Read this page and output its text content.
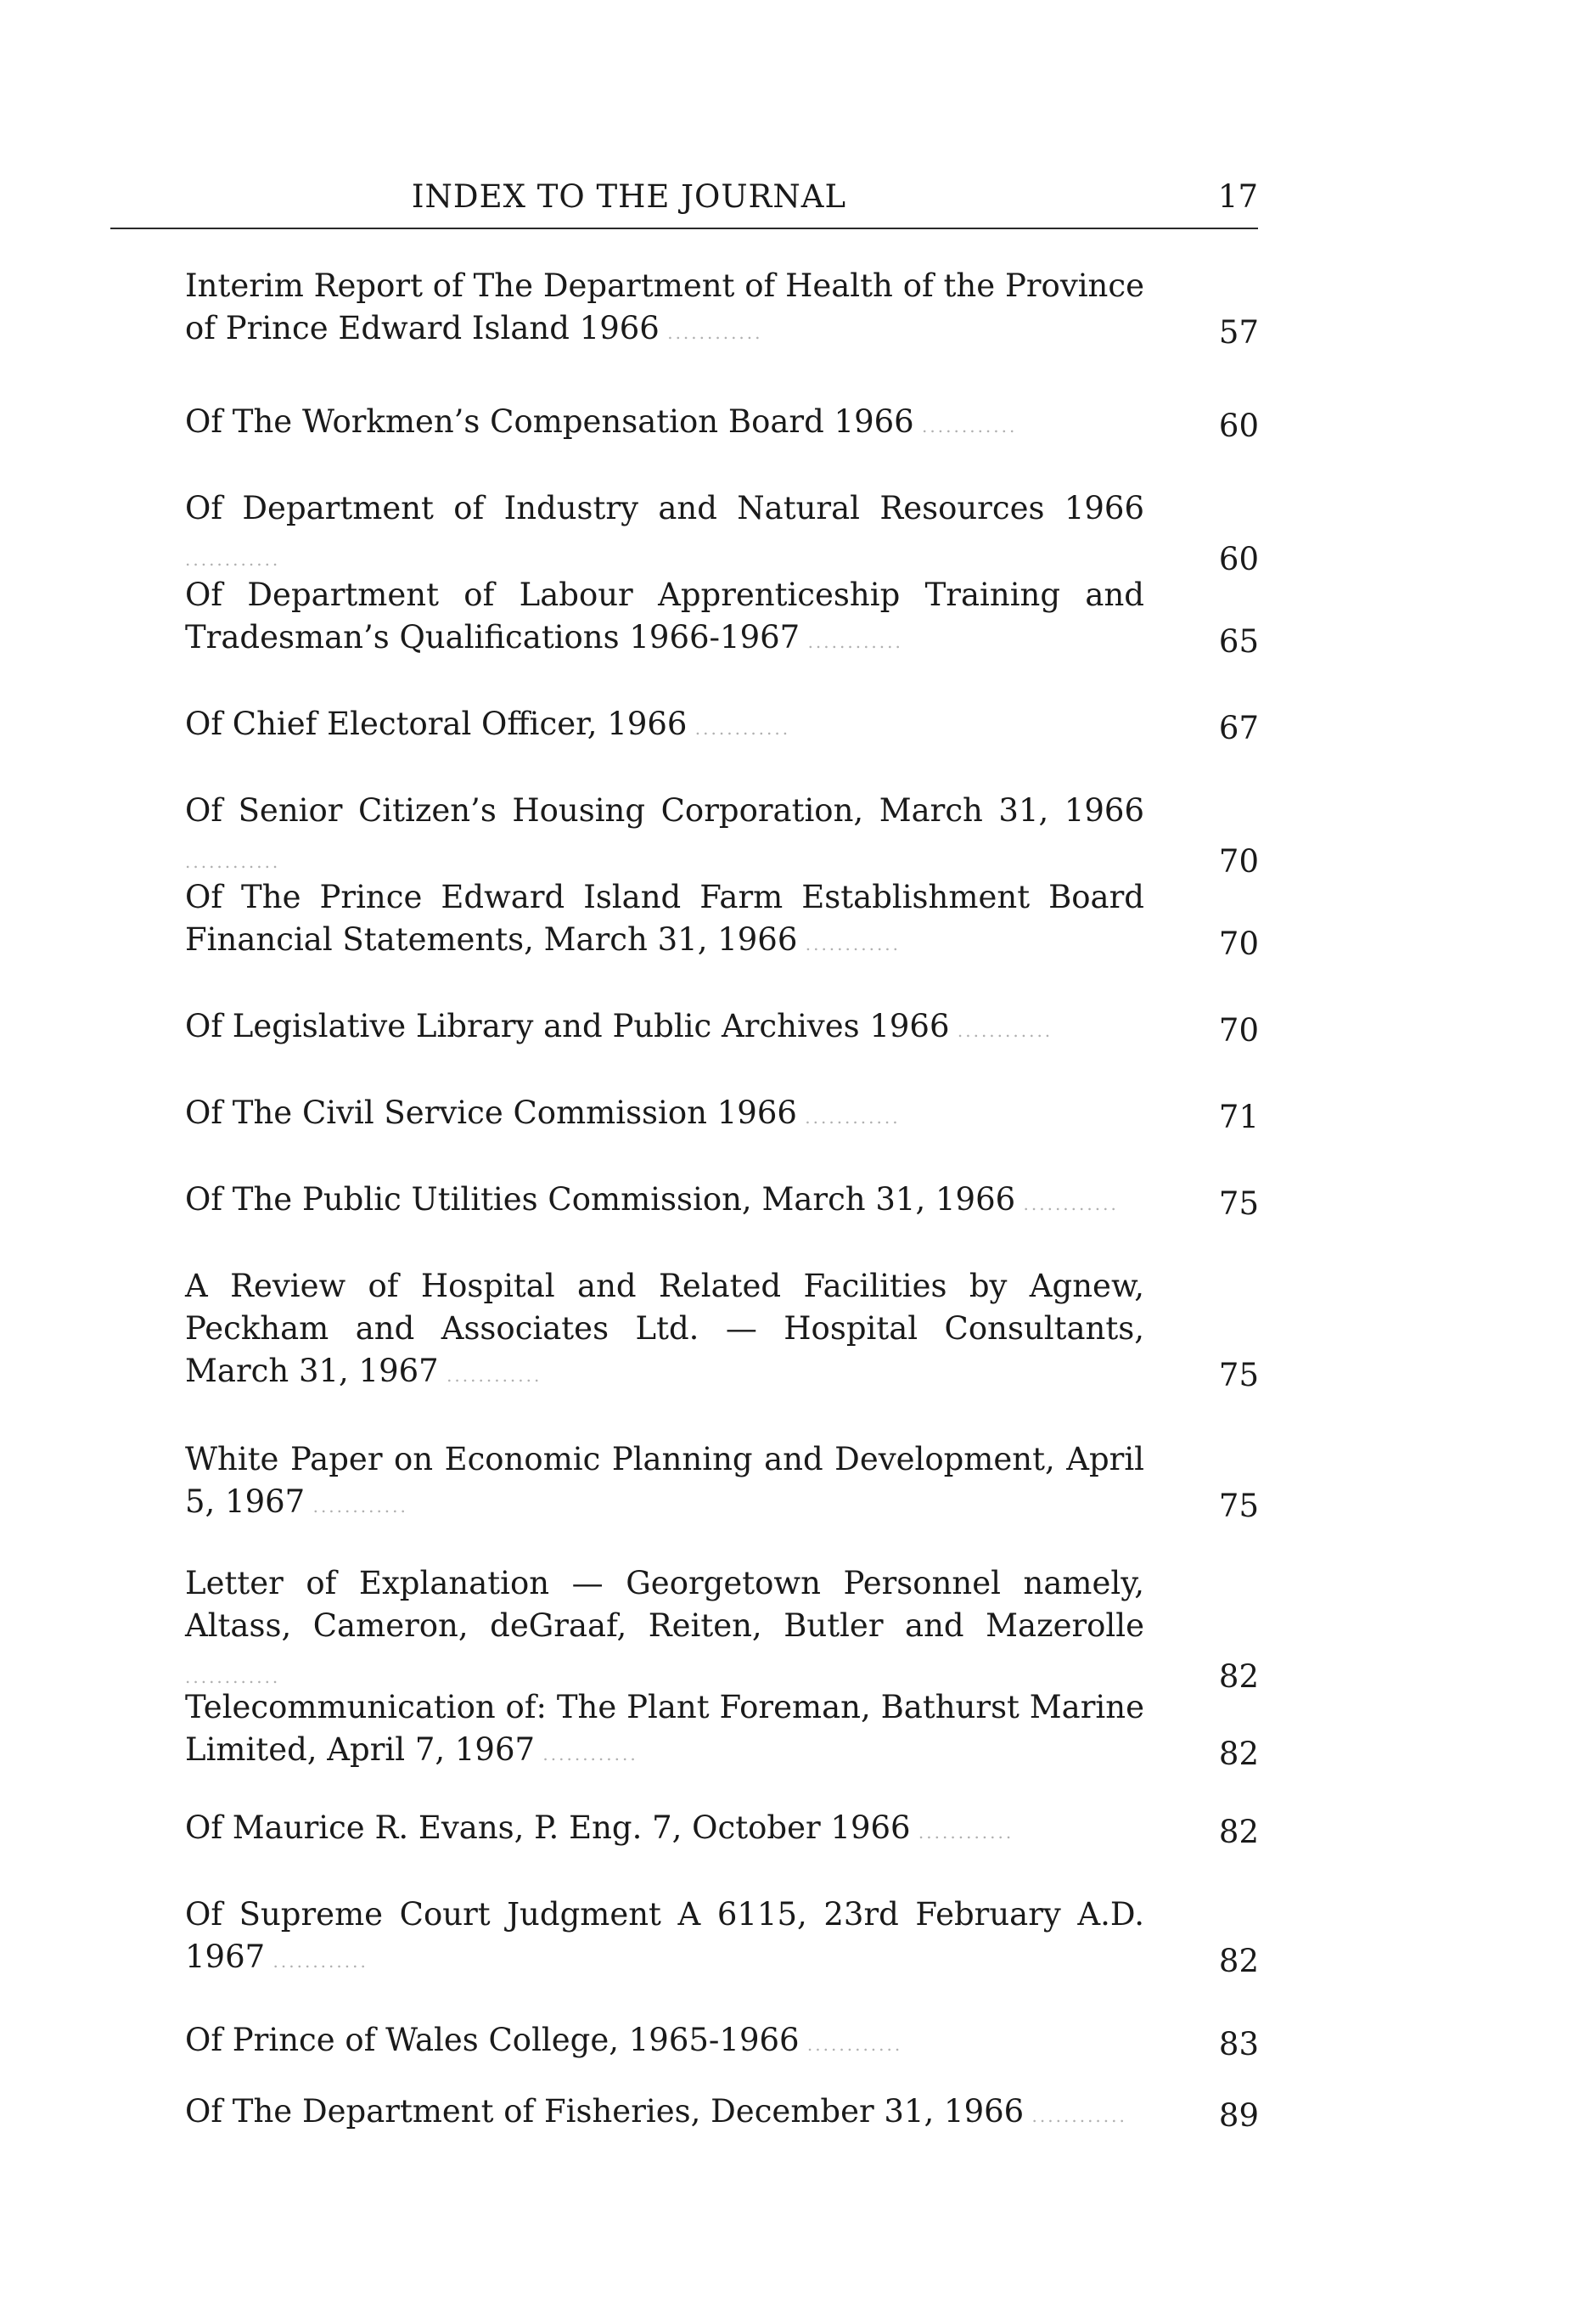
INDEX TO THE JOURNAL	17
Interim Report of The Department of Health of the Province of Prince Edward Island 1966 ............	57
Of The Workmen’s Compensation Board 1966 ............	60
Of Department of Industry and Natural Resources 1966 ............	60
Of Department of Labour Apprenticeship Training and Tradesman’s Qualifications 1966-1967 ............	65
Of Chief Electoral Officer, 1966 ............	67
Of Senior Citizen’s Housing Corporation, March 31, 1966 ............	70
Of The Prince Edward Island Farm Establishment Board Financial Statements, March 31, 1966 ............	70
Of Legislative Library and Public Archives 1966 ............	70
Of The Civil Service Commission 1966 ............	71
Of The Public Utilities Commission, March 31, 1966 ............	75
A Review of Hospital and Related Facilities by Agnew, Peckham and Associates Ltd. — Hospital Consultants, March 31, 1967 ............	75
White Paper on Economic Planning and Development, April 5, 1967 ............	75
Letter of Explanation — Georgetown Personnel namely, Altass, Cameron, deGraaf, Reiten, Butler and Mazerolle ............	82
Telecommunication of: The Plant Foreman, Bathurst Marine Limited, April 7, 1967 ............	82
Of Maurice R. Evans, P. Eng. 7, October 1966 ............	82
Of Supreme Court Judgment A 6115, 23rd February A.D. 1967 ............	82
Of Prince of Wales College, 1965-1966 ............	83
Of The Department of Fisheries, December 31, 1966 ............	89
